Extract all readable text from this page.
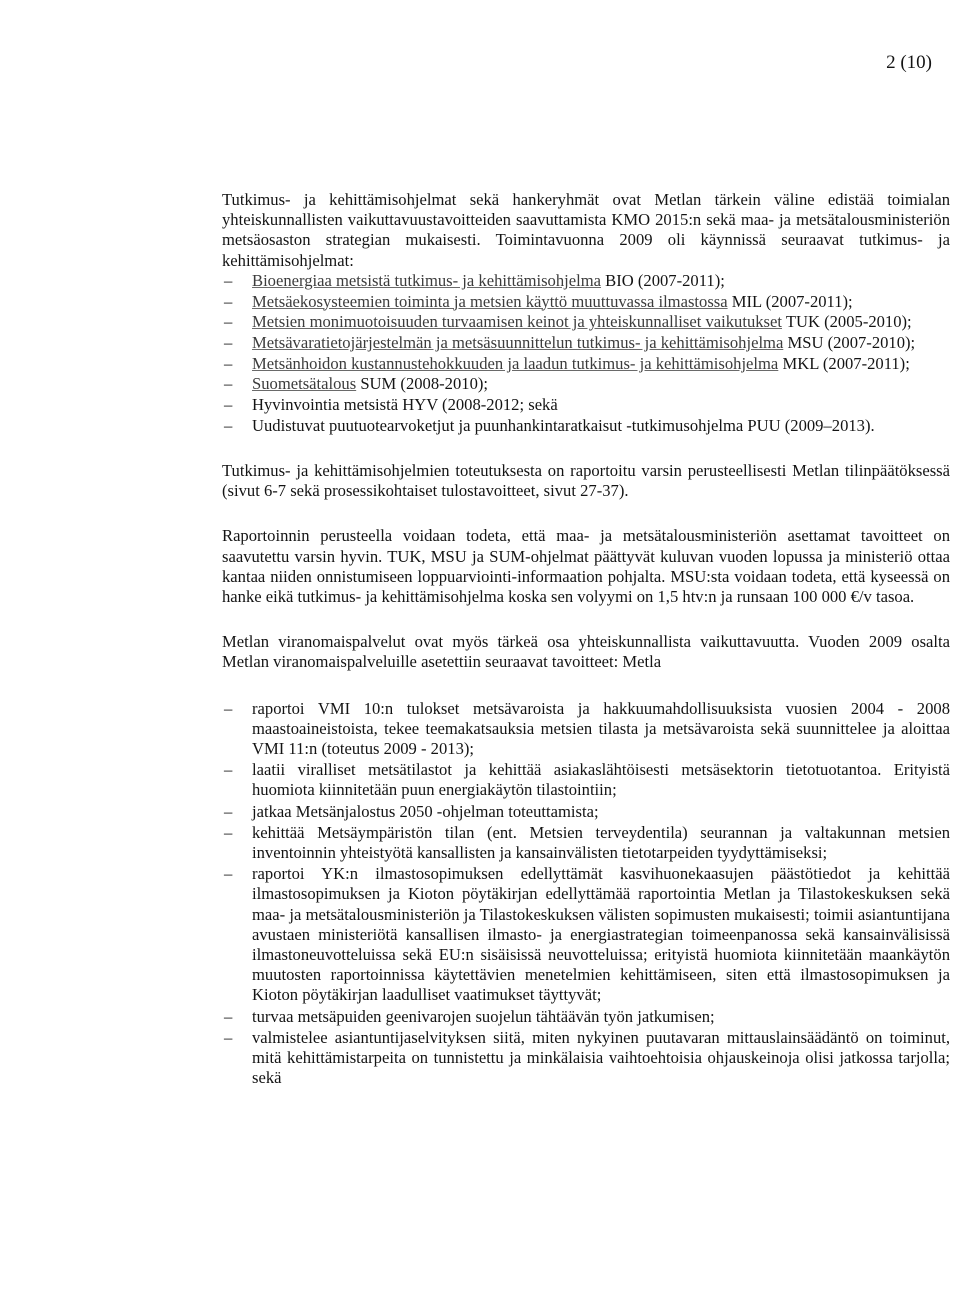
2 (10)

Tutkimus- ja kehittämisohjelmat sekä hankeryhmät ovat Metlan tärkein väline edistää toimialan yhteiskunnallisten vaikuttavuustavoitteiden saavuttamista KMO 2015:n sekä maa- ja metsätalousministeriön metsäosaston strategian mukaisesti. Toimintavuonna 2009 oli käynnissä seuraavat tutkimus- ja kehittämisohjelmat:

– Bioenergiaa metsistä tutkimus- ja kehittämisohjelma BIO (2007-2011);
– Metsäekosysteemien toiminta ja metsien käyttö muuttuvassa ilmastossa MIL (2007-2011);
– Metsien monimuotoisuuden turvaamisen keinot ja yhteiskunnalliset vaikutukset TUK (2005-2010);
– Metsävaratietojärjestelmän ja metsäsuunnittelun tutkimus- ja kehittämisohjelma MSU (2007-2010);
– Metsänhoidon kustannustehokkuuden ja laadun tutkimus- ja kehittämisohjelma MKL (2007-2011);
– Suometsätalous SUM (2008-2010);
– Hyvinvointia metsistä HYV (2008-2012; sekä
– Uudistuvat puutuotearvoketjut ja puunhankintaratkaisut -tutkimusohjelma PUU (2009–2013).

Tutkimus- ja kehittämisohjelmien toteutuksesta on raportoitu varsin perusteellisesti Metlan tilinpäätöksessä (sivut 6-7 sekä prosessikohtaiset tulostavoitteet, sivut 27-37).

Raportoinnin perusteella voidaan todeta, että maa- ja metsätalousministeriön asettamat tavoitteet on saavutettu varsin hyvin. TUK, MSU ja SUM-ohjelmat päättyvät kuluvan vuoden lopussa ja ministeriö ottaa kantaa niiden onnistumiseen loppuarviointi-informaation pohjalta. MSU:sta voidaan todeta, että kyseessä on hanke eikä tutkimus- ja kehittämisohjelma koska sen volyymi on 1,5 htv:n ja runsaan 100 000 €/v tasoa.

Metlan viranomaispalvelut ovat myös tärkeä osa yhteiskunnallista vaikuttavuutta. Vuoden 2009 osalta Metlan viranomaispalveluille asetettiin seuraavat tavoitteet: Metla

– raportoi VMI 10:n tulokset metsävaroista ja hakkuumahdollisuuksista vuosien 2004 - 2008 maastoaineistoista, tekee teemakatsauksia metsien tilasta ja metsävaroista sekä suunnittelee ja aloittaa VMI 11:n (toteutus 2009 - 2013);
– laatii viralliset metsätilastot ja kehittää asiakaslähtöisesti metsäsektorin tietotuotantoa. Erityistä huomiota kiinnitetään puun energiakäytön tilastointiin;
– jatkaa Metsänjalostus 2050 -ohjelman toteuttamista;
– kehittää Metsäympäristön tilan (ent. Metsien terveydentila) seurannan ja valtakunnan metsien inventoinnin yhteistyötä kansallisten ja kansainvälisten tietotarpeiden tyydyttämiseksi;
– raportoi YK:n ilmastosopimuksen edellyttämät kasvihuonekaasujen päästötiedot ja kehittää ilmastosopimuksen ja Kioton pöytäkirjan edellyttämää raportointia Metlan ja Tilastokeskuksen sekä maa- ja metsätalousministeriön ja Tilastokeskuksen välisten sopimusten mukaisesti; toimii asiantuntijana avustaen ministeriötä kansallisen ilmasto- ja energiastrategian toimeenpanossa sekä kansainvälisissä ilmastoneuvotteluissa sekä EU:n sisäisissä neuvotteluissa; erityistä huomiota kiinnitetään maankäytön muutosten raportoinnissa käytettävien menetelmien kehittämiseen, siten että ilmastosopimuksen ja Kioton pöytäkirjan laadulliset vaatimukset täyttyvät;
– turvaa metsäpuiden geenivarojen suojelun tähtäävän työn jatkumisen;
– valmistelee asiantuntijaselvityksen siitä, miten nykyinen puutavaran mittauslainsäädäntö on toiminut, mitä kehittämistarpeita on tunnistettu ja minkälaisia vaihtoehtoisia ohjauskeinoja olisi jatkossa tarjolla; sekä
